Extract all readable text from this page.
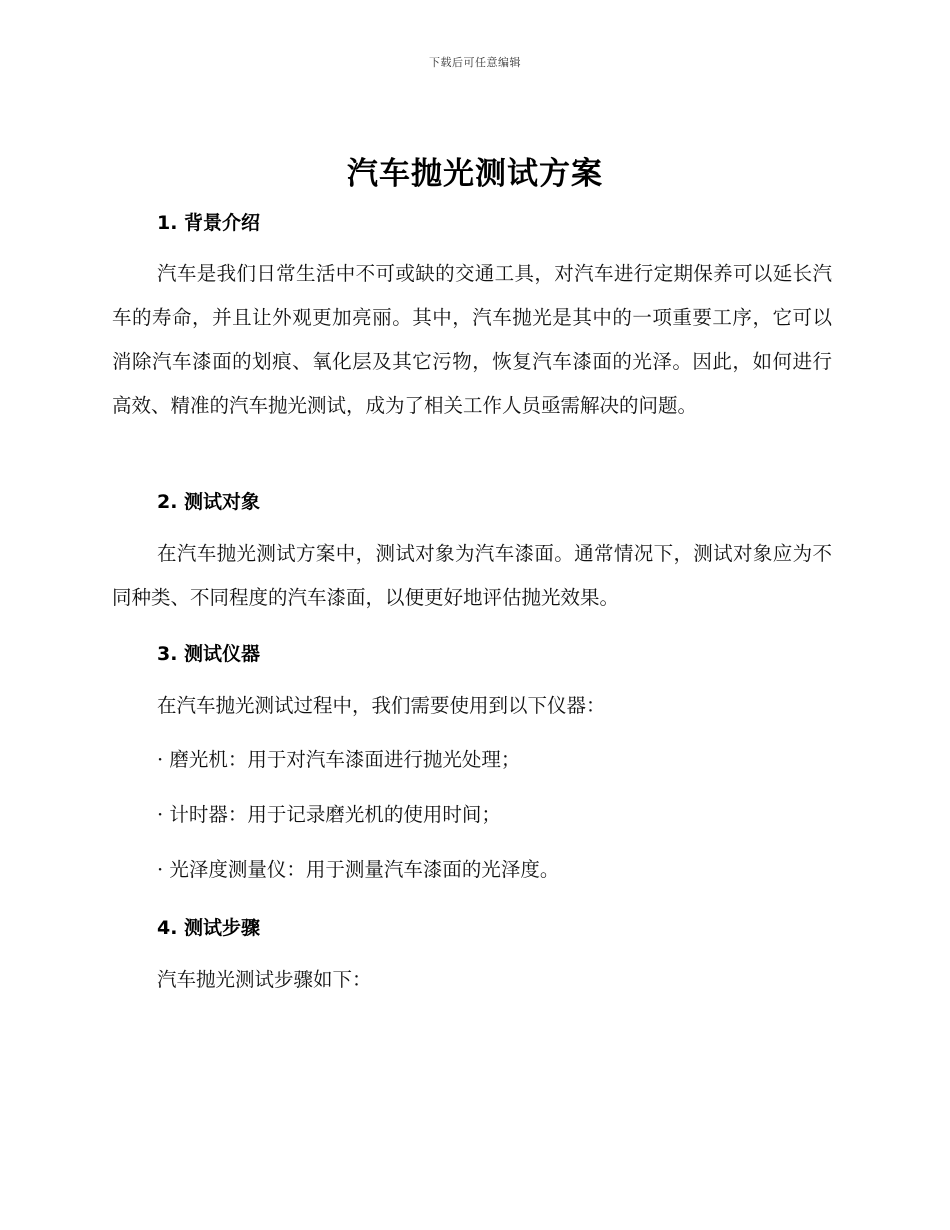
下载后可任意编辑
汽车抛光测试方案
1. 背景介绍

汽车是我们日常生活中不可或缺的交通工具，对汽车进行定期保养可以延长汽车的寿命，并且让外观更加亮丽。其中，汽车抛光是其中的一项重要工序，它可以消除汽车漆面的划痕、氧化层及其它污物，恢复汽车漆面的光泽。因此，如何进行高效、精准的汽车抛光测试，成为了相关工作人员亟需解决的问题。

2. 测试对象

在汽车抛光测试方案中，测试对象为汽车漆面。通常情况下，测试对象应为不同种类、不同程度的汽车漆面，以便更好地评估抛光效果。

3. 测试仪器

在汽车抛光测试过程中，我们需要使用到以下仪器：

· 磨光机：用于对汽车漆面进行抛光处理；

· 计时器：用于记录磨光机的使用时间；

· 光泽度测量仪：用于测量汽车漆面的光泽度。

4. 测试步骤

汽车抛光测试步骤如下：
